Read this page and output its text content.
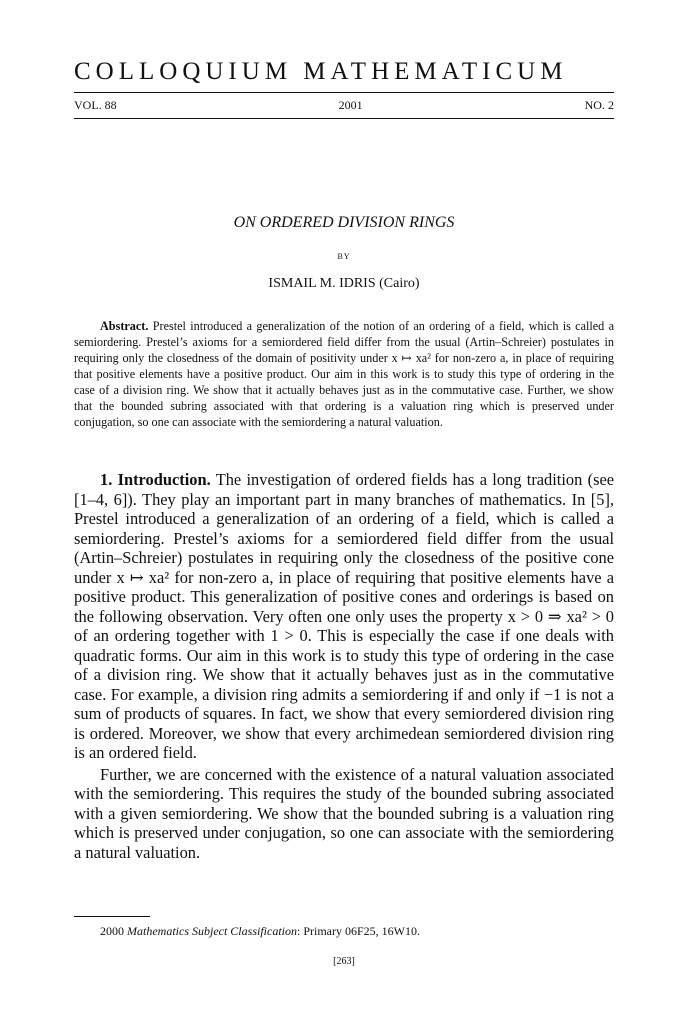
COLLOQUIUM MATHEMATICUM
VOL. 88	2001	NO. 2
ON ORDERED DIVISION RINGS
BY
ISMAIL M. IDRIS (Cairo)
Abstract. Prestel introduced a generalization of the notion of an ordering of a field, which is called a semiordering. Prestel’s axioms for a semiordered field differ from the usual (Artin–Schreier) postulates in requiring only the closedness of the domain of positivity under x ↦ xa² for non-zero a, in place of requiring that positive elements have a positive product. Our aim in this work is to study this type of ordering in the case of a division ring. We show that it actually behaves just as in the commutative case. Further, we show that the bounded subring associated with that ordering is a valuation ring which is preserved under conjugation, so one can associate with the semiordering a natural valuation.

1. Introduction. The investigation of ordered fields has a long tradition (see [1–4, 6]). They play an important part in many branches of mathematics. In [5], Prestel introduced a generalization of an ordering of a field, which is called a semiordering. Prestel’s axioms for a semiordered field differ from the usual (Artin–Schreier) postulates in requiring only the closedness of the positive cone under x ↦ xa² for non-zero a, in place of requiring that positive elements have a positive product. This generalization of positive cones and orderings is based on the following observation. Very often one only uses the property x > 0 ⇒ xa² > 0 of an ordering together with 1 > 0. This is especially the case if one deals with quadratic forms. Our aim in this work is to study this type of ordering in the case of a division ring. We show that it actually behaves just as in the commutative case. For example, a division ring admits a semiordering if and only if −1 is not a sum of products of squares. In fact, we show that every semiordered division ring is ordered. Moreover, we show that every archimedean semiordered division ring is an ordered field.

Further, we are concerned with the existence of a natural valuation associated with the semiordering. This requires the study of the bounded subring associated with a given semiordering. We show that the bounded subring is a valuation ring which is preserved under conjugation, so one can associate with the semiordering a natural valuation.

2000 Mathematics Subject Classification: Primary 06F25, 16W10.
[263]
